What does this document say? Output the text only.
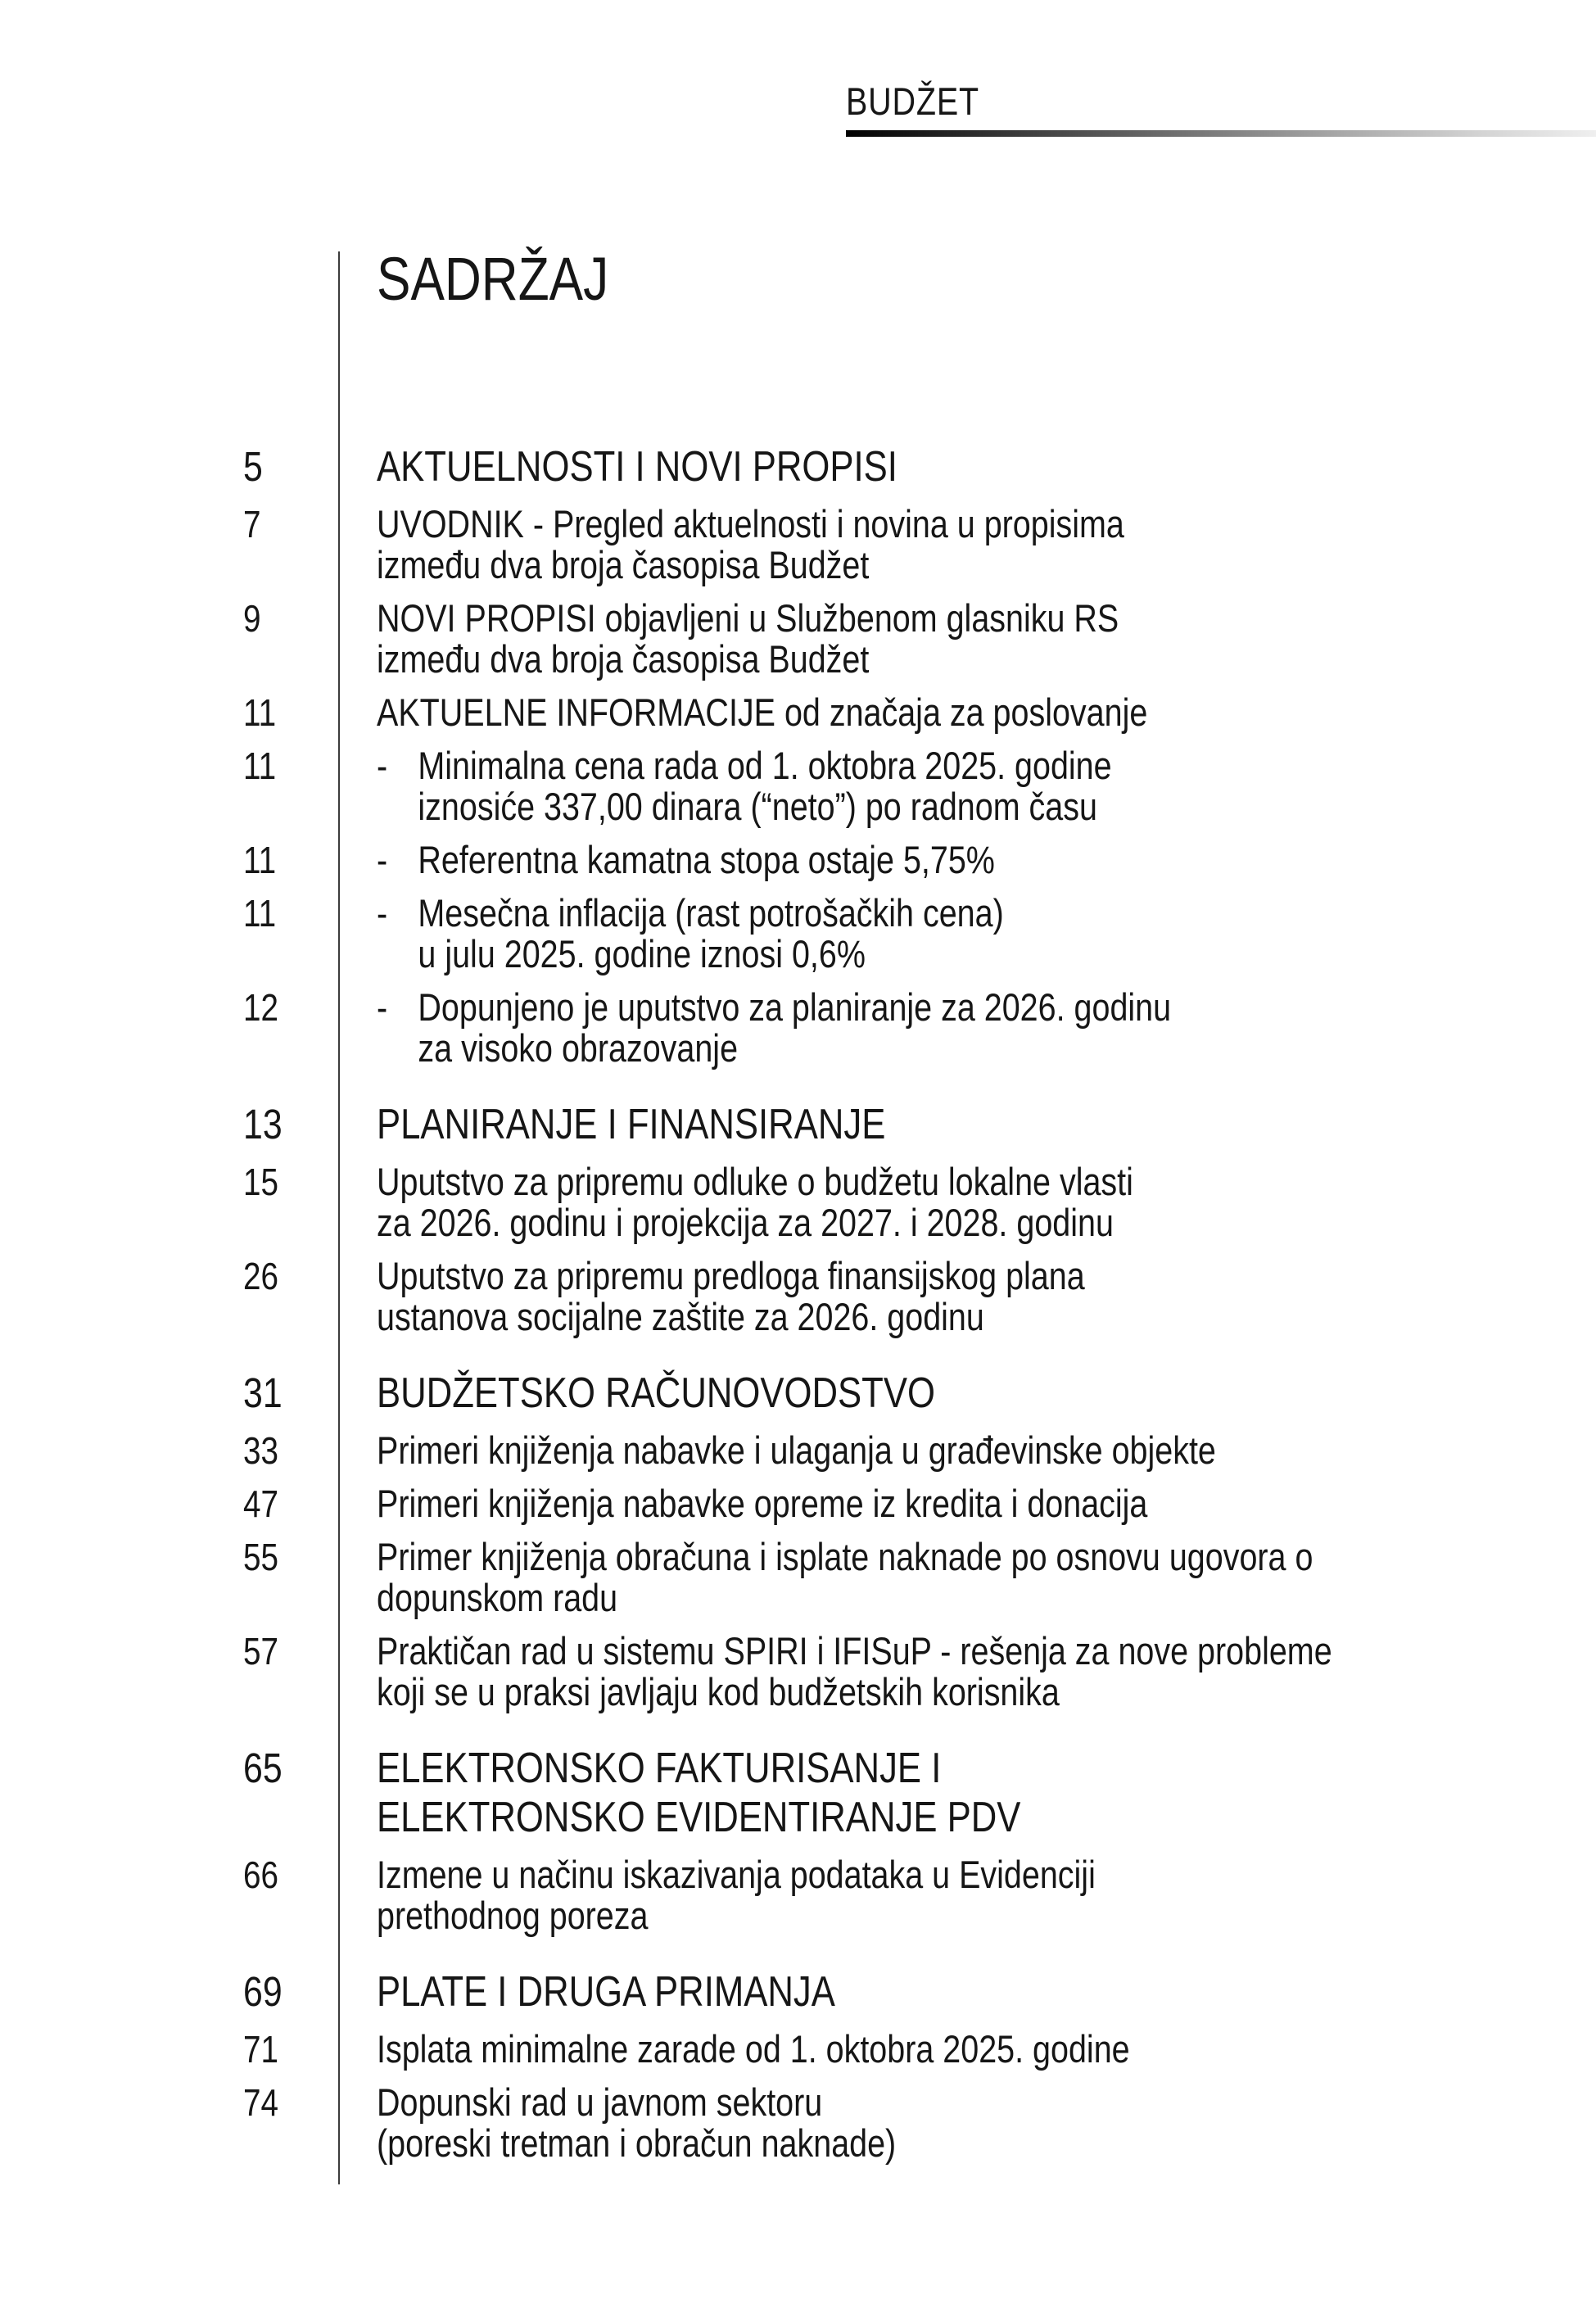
BUDŽET
SADRŽAJ
5	AKTUELNOSTI I NOVI PROPISI
7	UVODNIK - Pregled aktuelnosti i novina u propisima
između dva broja časopisa Budžet
9	NOVI PROPISI objavljeni u Službenom glasniku RS
između dva broja časopisa Budžet
11	AKTUELNE INFORMACIJE od značaja za poslovanje
11	- Minimalna cena rada od 1. oktobra 2025. godine
iznosiće 337,00 dinara (“neto”) po radnom času
11	- Referentna kamatna stopa ostaje 5,75%
11	- Mesečna inflacija (rast potrošačkih cena)
u julu 2025. godine iznosi 0,6%
12	- Dopunjeno je uputstvo za planiranje za 2026. godinu
za visoko obrazovanje
13	PLANIRANJE I FINANSIRANJE
15	Uputstvo za pripremu odluke o budžetu lokalne vlasti
za 2026. godinu i projekcija za 2027. i 2028. godinu
26	Uputstvo za pripremu predloga finansijskog plana
ustanova socijalne zaštite za 2026. godinu
31	BUDŽETSKO RAČUNOVODSTVO
33	Primeri knjiženja nabavke i ulaganja u građevinske objekte
47	Primeri knjiženja nabavke opreme iz kredita i donacija
55	Primer knjiženja obračuna i isplate naknade po osnovu ugovora o
dopunskom radu
57	Praktičan rad u sistemu SPIRI i IFISuP - rešenja za nove probleme
koji se u praksi javljaju kod budžetskih korisnika
65	ELEKTRONSKO FAKTURISANJE I
ELEKTRONSKO EVIDENTIRANJE PDV
66	Izmene u načinu iskazivanja podataka u Evidenciji
prethodnog poreza
69	PLATE I DRUGA PRIMANJA
71	Isplata minimalne zarade od 1. oktobra 2025. godine
74	Dopunski rad u javnom sektoru
(poreski tretman i obračun naknade)
